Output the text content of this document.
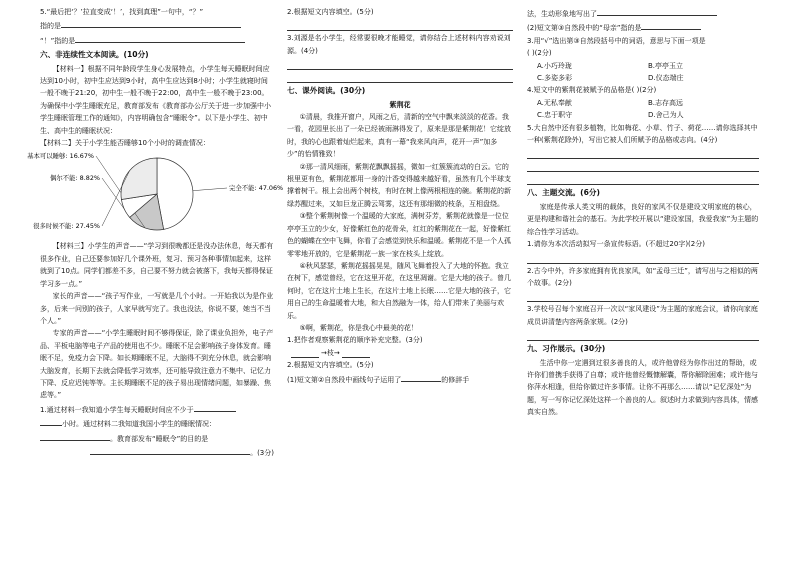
5.“最后把‘？’拉直变成‘！’，找到真理”一句中，“？”

指的是

“！”指的是

六、非连续性文本阅读。(10分)

【材料一】根据不同年龄段学生身心发展特点，小学生每天睡眠时间应达到10小时，初中生应达到9小时，高中生应达到8小时；小学生就寝时间一般不晚于21:20，初中生一般不晚于22:00，高中生一般不晚于23:00。为确保中小学生睡眠充足，教育部发布《教育部办公厅关于进一步加强中小学生睡眠管理工作的通知》，内容明确包含“睡眠令”。以下是小学生、初中生、高中生的睡眠状况：

【材料二】关于小学生能否睡够10个小时的调查情况：

完全不能: 47.06%
基本可以睡够: 16.67%
偶尔不能: 8.82%
很多时候不能: 27.45%

【材料三】小学生的声音——“学习到很晚都还是没办法休息，每天都有很多作业，自己还要参加好几个课外班，复习、预习各种事情加起来，这样就到了10点。同学们都差不多，自己要不努力就会被落下，我每天都得保证学习多一点。”

家长的声音——“孩子写作业，一写就是几个小时。一开始我以为是作业多，后来一问别的孩子，人家早就写完了。我也没法，你说不要，她当不当个人。”

专家的声音——“小学生睡眠时间不够得保证，除了课业负担外，电子产品、平板电脑等电子产品的使用也不少。睡眠不足会影响孩子身体发育。睡眠不足，免疫力会下降。如长期睡眠不足，大脑得不到充分休息，就会影响大脑发育，长期下去就会降低学习效率，还可能导致注意力不集中、记忆力下降、反应迟钝等等。主长期睡眠不足的孩子易出现情绪问题，如暴躁、焦虑等。”

1.通过材料一我知道小学生每天睡眠时间应不少于

小时。通过材料二我知道我国小学生的睡眠情况：

。教育部发布“睡眠令”的目的是

。(3分)

2.根据短文内容填空。(5分)

3.刘源是名小学生，经常要很晚才能睡觉，请你结合上述材料内容劝说刘源。(4分)

七、课外阅读。(30分)

紫荆花

①清晨，我推开窗户，风雨之后，清新的空气中飘来淡淡的花香。我一看，花园里长出了一朵已经被雨淋得发了，原来是那是紫荆花！它绽放时，我的心也跟着灿烂起来，真有一幕“我来风向声，花开一声”加多少”的怡情雅致！

②那一清风细雨，紫荆花飘飘摇摇，微如一红簇簇流动的白云。它的根里更有色，紫荆花都用一身的汁香变得越来越好看，虽然有几个半球支撑着树干。根上会出两个树枝，有时在树上像两根相连的碗。紫荆花的新绿苏醒过来，又如巨龙正腾云驾雾，这还有那细微的枝条，互相盘绕。

③整个紫荆树像一个温暖的大家庭，满树芬芳，紫荆花就像是一位位亭亭玉立的少女，好像紫红色的花骨朵，红红的紫荆花在一起，好像紫红色的蝴蝶在空中飞舞，你看了会感觉到快乐和温暖。紫荆花不是一个人孤零零地开放的，它是紫荆花一族一家在枝头上绽放。

④秋风瑟瑟，紫荆花摇摇晃晃，随风飞舞着投入了大地的怀抱。我立在树下，感觉曾经，它在这里开花，在这里凋谢。它是大地的孩子。曾几何时，它在这片土地上生长，在这片土地上长眠……它是大地的孩子，它用自己的生命温暖着大地，和大自然融为一体，给人们带来了美丽与欢乐。

⑤啊，紫荆花，你是我心中最美的花！

1.把作者观察紫荆花的顺序补充完整。(3分)

→枝→

2.根据短文内容填空。(5分)

(1)短文第②自然段中画线句子运用了	的修辞手

法，生动形象地写出了

(2)短文第③自然段中的“母亲”指的是

3.用“√”选出第③自然段括号中的词语，意思与下面一项是

( )(2分)

A.小巧玲珑	B.亭亭玉立
C.多姿多彩	D.仪态端庄

4.短文中的紫荆花被赋予的品格是( )(2分)

A.无私奉献	B.志存高远
C.忠于职守	D.舍己为人

5.大自然中还有很多植物，比如梅花、小草、竹子、荷花……请你选择其中一种(紫荆花除外)，写出它被人们所赋予的品格或志向。(4分)

八、主题交流。(6分)

家庭是传承人类文明的载体，良好的家风不仅是建设文明家庭的核心，更是构建和谐社会的基石。为此学校开展以“建设家国，我爱我家”为主题的综合性学习活动。

1.请你为本次活动拟写一条宣传标语。(不超过20字)(2分)

2.古今中外，许多家庭拥有优良家风，如“孟母三迁”，请写出与之相似的两个故事。(2分)

3.学校号召每个家庭召开一次以“家风建设”为主题的家庭会议，请你向家庭成员讲清楚内容两条家规。(2分)

九、习作展示。(30分)

生活中你一定遇到过很多善良的人，或许他曾经为你作出过的帮助，或许你们曾携手获得了自尊；或许他曾经慨慷解囊，帮你解除困难；或许他与你萍水相逢，但给你做过许多事情。让你不再那么……请以“记忆深处”为题，写一写你记忆深处这样一个善良的人。叙述时力求做到内容具体，情感真实自然。
